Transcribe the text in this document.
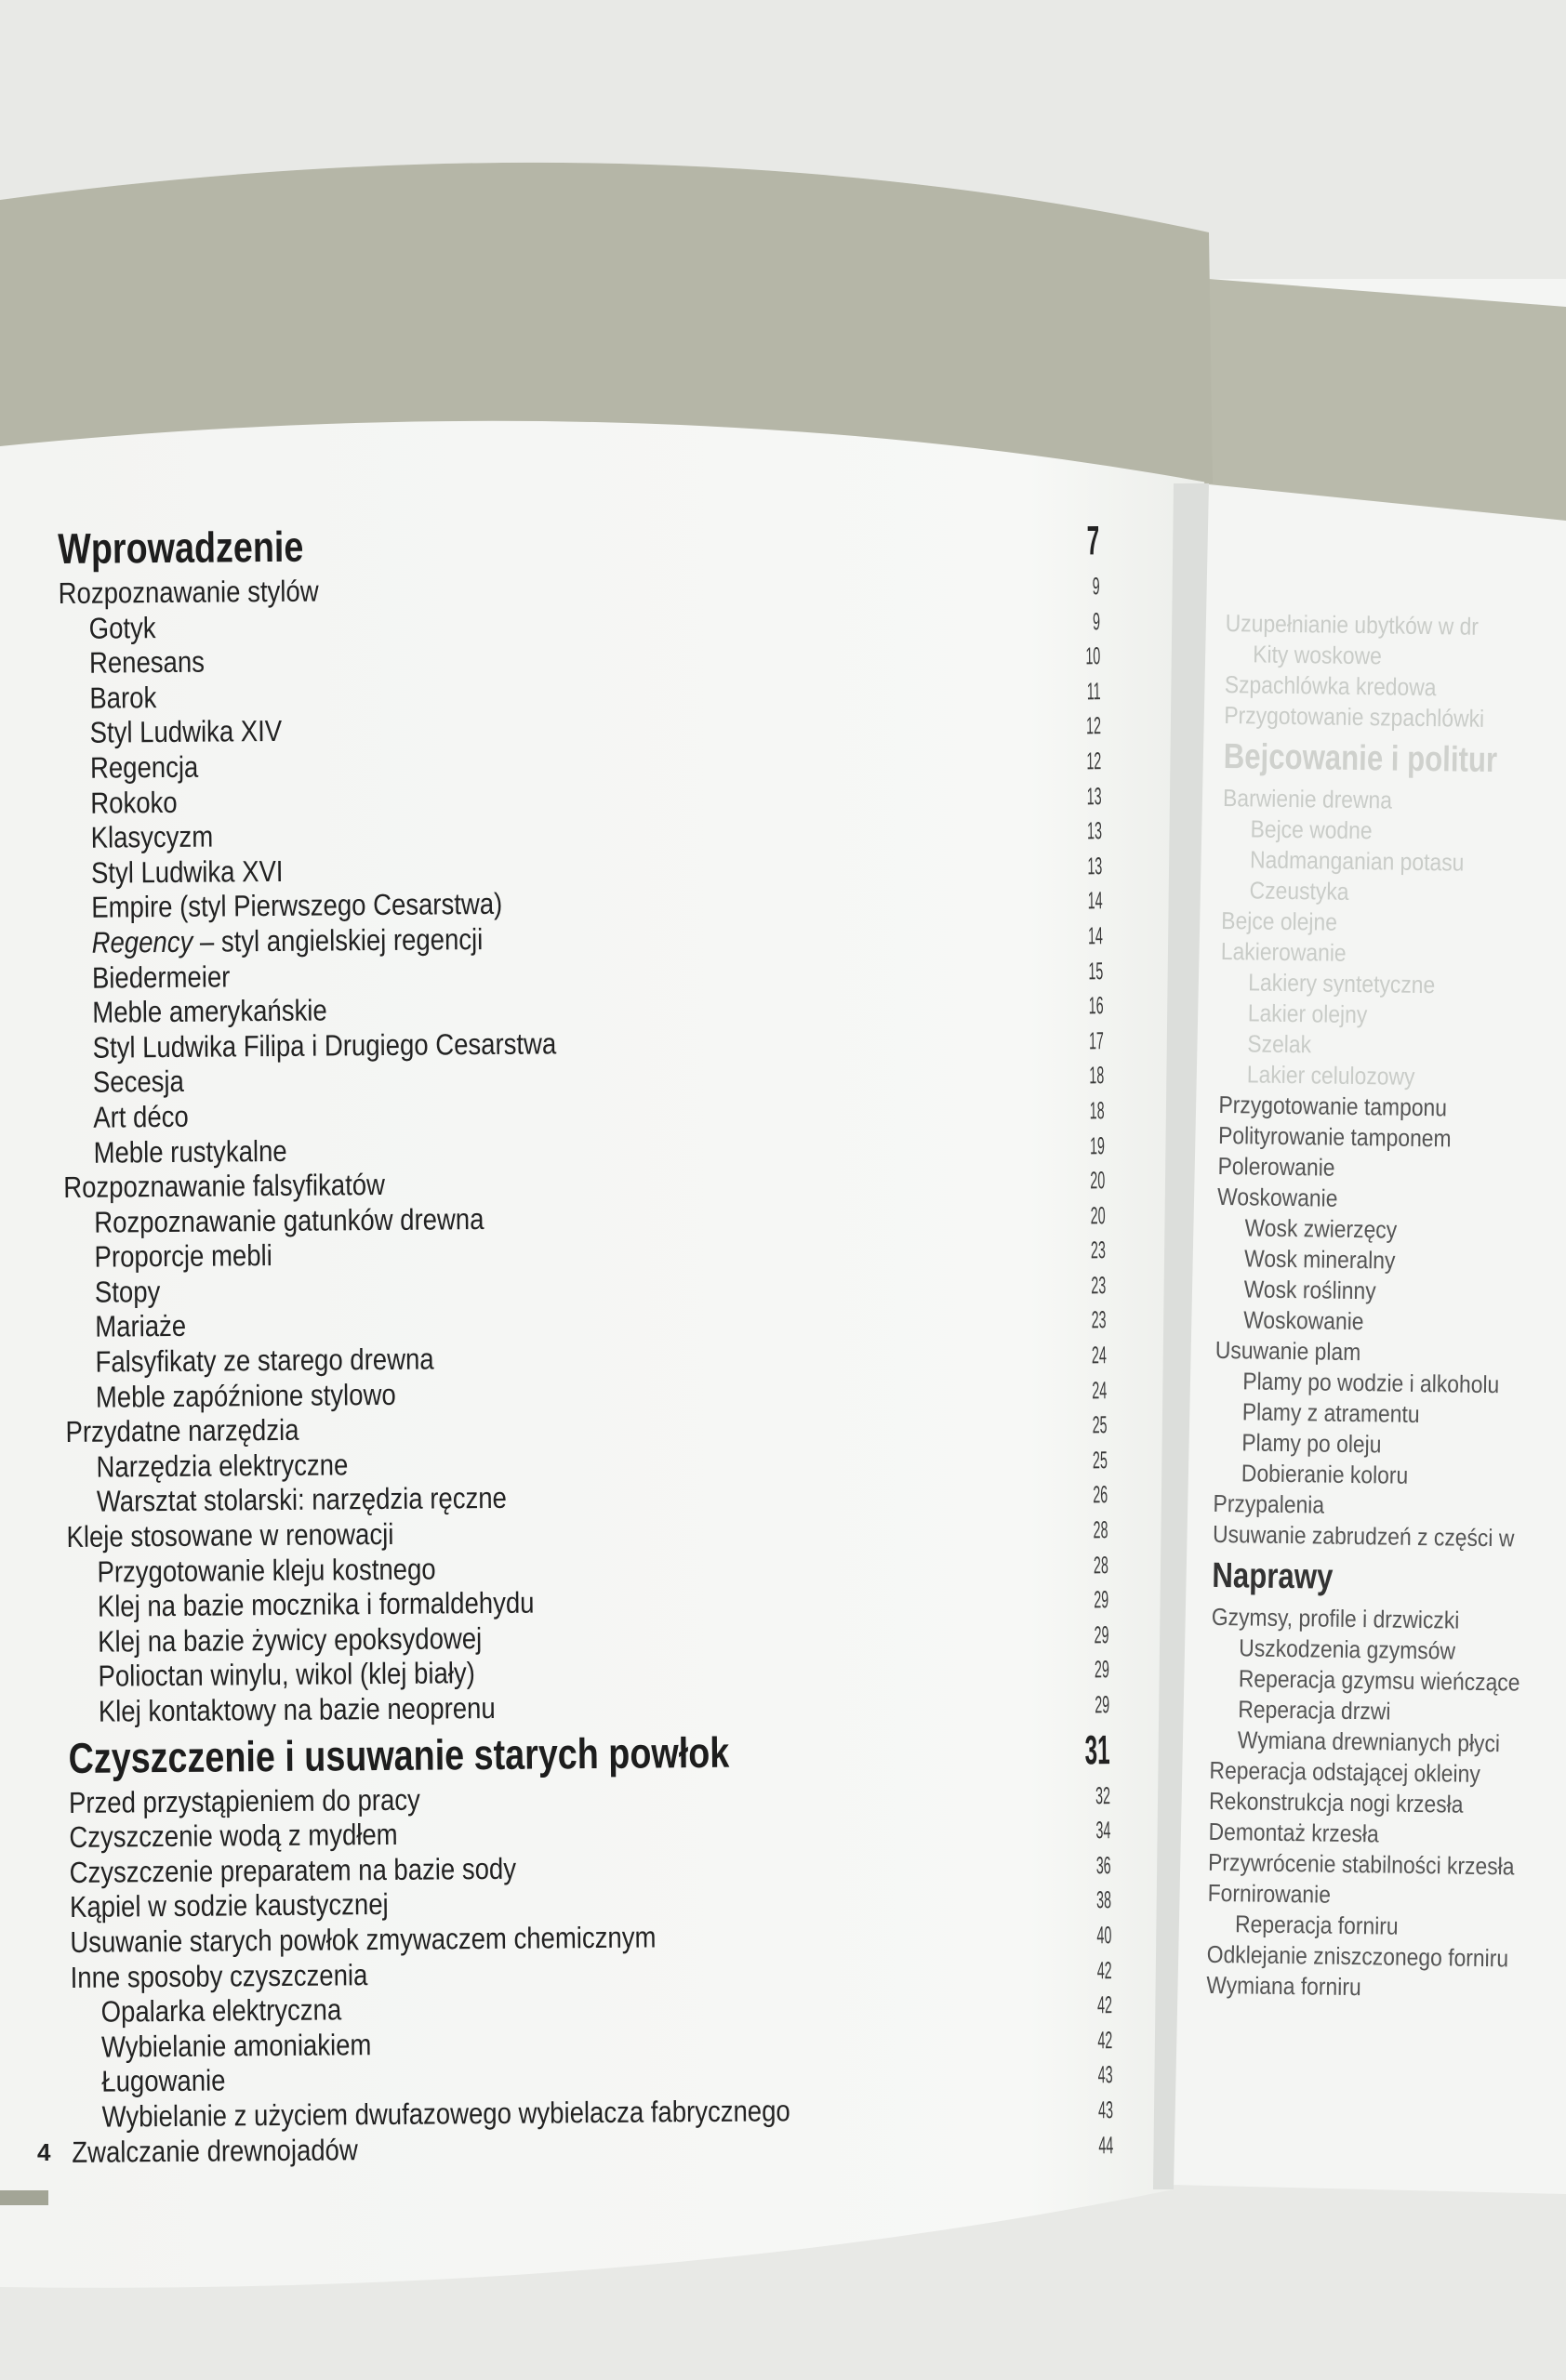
Wprowadzenie	7
Rozpoznawanie stylów	9
Gotyk	9
Renesans	10
Barok	11
Styl Ludwika XIV	12
Regencja	12
Rokoko	13
Klasycyzm	13
Styl Ludwika XVI	13
Empire (styl Pierwszego Cesarstwa)	14
Regency – styl angielskiej regencji	14
Biedermeier	15
Meble amerykańskie	16
Styl Ludwika Filipa i Drugiego Cesarstwa	17
Secesja	18
Art déco	18
Meble rustykalne	19
Rozpoznawanie falsyfikatów	20
Rozpoznawanie gatunków drewna	20
Proporcje mebli	23
Stopy	23
Mariaże	23
Falsyfikaty ze starego drewna	24
Meble zapóźnione stylowo	24
Przydatne narzędzia	25
Narzędzia elektryczne	25
Warsztat stolarski: narzędzia ręczne	26
Kleje stosowane w renowacji	28
Przygotowanie kleju kostnego	28
Klej na bazie mocznika i formaldehydu	29
Klej na bazie żywicy epoksydowej	29
Polioctan winylu, wikol (klej biały)	29
Klej kontaktowy na bazie neoprenu	29
Czyszczenie i usuwanie starych powłok	31
Przed przystąpieniem do pracy	32
Czyszczenie wodą z mydłem	34
Czyszczenie preparatem na bazie sody	36
Kąpiel w sodzie kaustycznej	38
Usuwanie starych powłok zmywaczem chemicznym	40
Inne sposoby czyszczenia	42
Opalarka elektryczna	42
Wybielanie amoniakiem	42
Ługowanie	43
Wybielanie z użyciem dwufazowego wybielacza fabrycznego	43
Zwalczanie drewnojadów	44
Uzupełnianie ubytków w dr
Kity woskowe
Szpachlówka kredowa
Przygotowanie szpachlówki
Bejcowanie i politur
Barwienie drewna
Bejce wodne
Nadmanganian potasu
Czeustyka
Bejce olejne
Lakierowanie
Lakiery syntetyczne
Lakier olejny
Szelak
Lakier celulozowy
Przygotowanie tamponu
Polityrowanie tamponem
Polerowanie
Woskowanie
Wosk zwierzęcy
Wosk mineralny
Wosk roślinny
Woskowanie
Usuwanie plam
Plamy po wodzie i alkoholu
Plamy z atramentu
Plamy po oleju
Dobieranie koloru
Przypalenia
Usuwanie zabrudzeń z części w
Naprawy
Gzymsy, profile i drzwiczki
Uszkodzenia gzymsów
Reperacja gzymsu wieńczące
Reperacja drzwi
Wymiana drewnianych płyci
Reperacja odstającej okleiny
Rekonstrukcja nogi krzesła
Demontaż krzesła
Przywrócenie stabilności krzesła
Fornirowanie
Reperacja forniru
Odklejanie zniszczonego forniru
Wymiana forniru
4
